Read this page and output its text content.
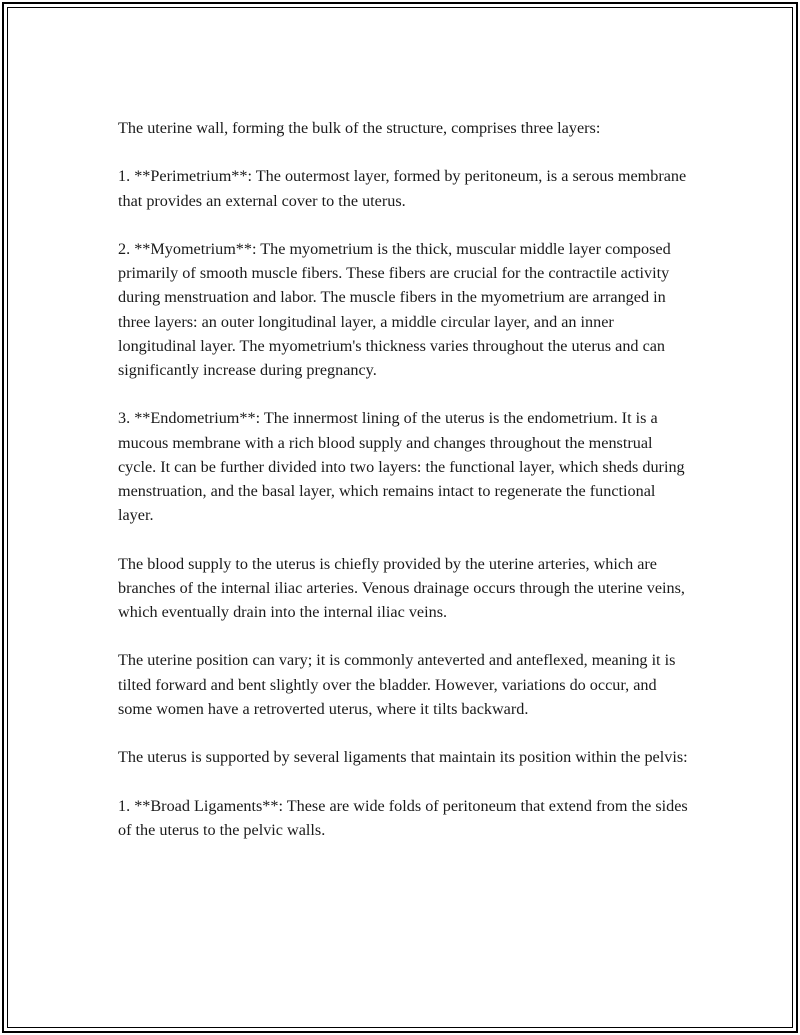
The uterine wall, forming the bulk of the structure, comprises three layers:

1. **Perimetrium**: The outermost layer, formed by peritoneum, is a serous membrane that provides an external cover to the uterus.

2. **Myometrium**: The myometrium is the thick, muscular middle layer composed primarily of smooth muscle fibers. These fibers are crucial for the contractile activity during menstruation and labor. The muscle fibers in the myometrium are arranged in three layers: an outer longitudinal layer, a middle circular layer, and an inner longitudinal layer. The myometrium's thickness varies throughout the uterus and can significantly increase during pregnancy.

3. **Endometrium**: The innermost lining of the uterus is the endometrium. It is a mucous membrane with a rich blood supply and changes throughout the menstrual cycle. It can be further divided into two layers: the functional layer, which sheds during menstruation, and the basal layer, which remains intact to regenerate the functional layer.

The blood supply to the uterus is chiefly provided by the uterine arteries, which are branches of the internal iliac arteries. Venous drainage occurs through the uterine veins, which eventually drain into the internal iliac veins.

The uterine position can vary; it is commonly anteverted and anteflexed, meaning it is tilted forward and bent slightly over the bladder. However, variations do occur, and some women have a retroverted uterus, where it tilts backward.

The uterus is supported by several ligaments that maintain its position within the pelvis:

1. **Broad Ligaments**: These are wide folds of peritoneum that extend from the sides of the uterus to the pelvic walls.
